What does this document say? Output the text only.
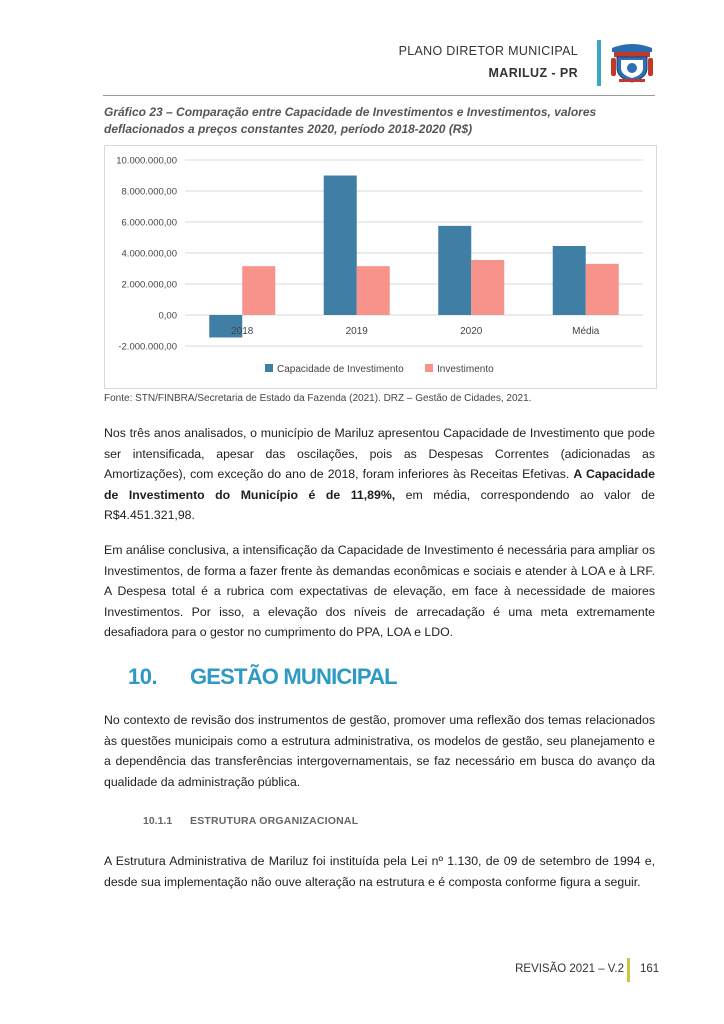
PLANO DIRETOR MUNICIPAL
MARILUZ - PR
Gráfico 23 – Comparação entre Capacidade de Investimentos e Investimentos, valores deflacionados a preços constantes 2020, período 2018-2020 (R$)
10.000.000,00
8.000.000,00
6.000.000,00
4.000.000,00
2.000.000,00
0,00
-2.000.000,00
2018	2019	2020	Média
Capacidade de Investimento	Investimento
Fonte: STN/FINBRA/Secretaria de Estado da Fazenda (2021). DRZ – Gestão de Cidades, 2021.

Nos três anos analisados, o município de Mariluz apresentou Capacidade de Investimento que pode ser intensificada, apesar das oscilações, pois as Despesas Correntes (adicionadas as Amortizações), com exceção do ano de 2018, foram inferiores às Receitas Efetivas. A Capacidade de Investimento do Município é de 11,89%, em média, correspondendo ao valor de R$4.451.321,98.

Em análise conclusiva, a intensificação da Capacidade de Investimento é necessária para ampliar os Investimentos, de forma a fazer frente às demandas econômicas e sociais e atender à LOA e à LRF. A Despesa total é a rubrica com expectativas de elevação, em face à necessidade de maiores Investimentos. Por isso, a elevação dos níveis de arrecadação é uma meta extremamente desafiadora para o gestor no cumprimento do PPA, LOA e LDO.

10. GESTÃO MUNICIPAL

No contexto de revisão dos instrumentos de gestão, promover uma reflexão dos temas relacionados às questões municipais como a estrutura administrativa, os modelos de gestão, seu planejamento e a dependência das transferências intergovernamentais, se faz necessário em busca do avanço da qualidade da administração pública.

10.1.1 ESTRUTURA ORGANIZACIONAL

A Estrutura Administrativa de Mariluz foi instituída pela Lei nº 1.130, de 09 de setembro de 1994 e, desde sua implementação não ouve alteração na estrutura e é composta conforme figura a seguir.

REVISÃO 2021 – V.2 161
